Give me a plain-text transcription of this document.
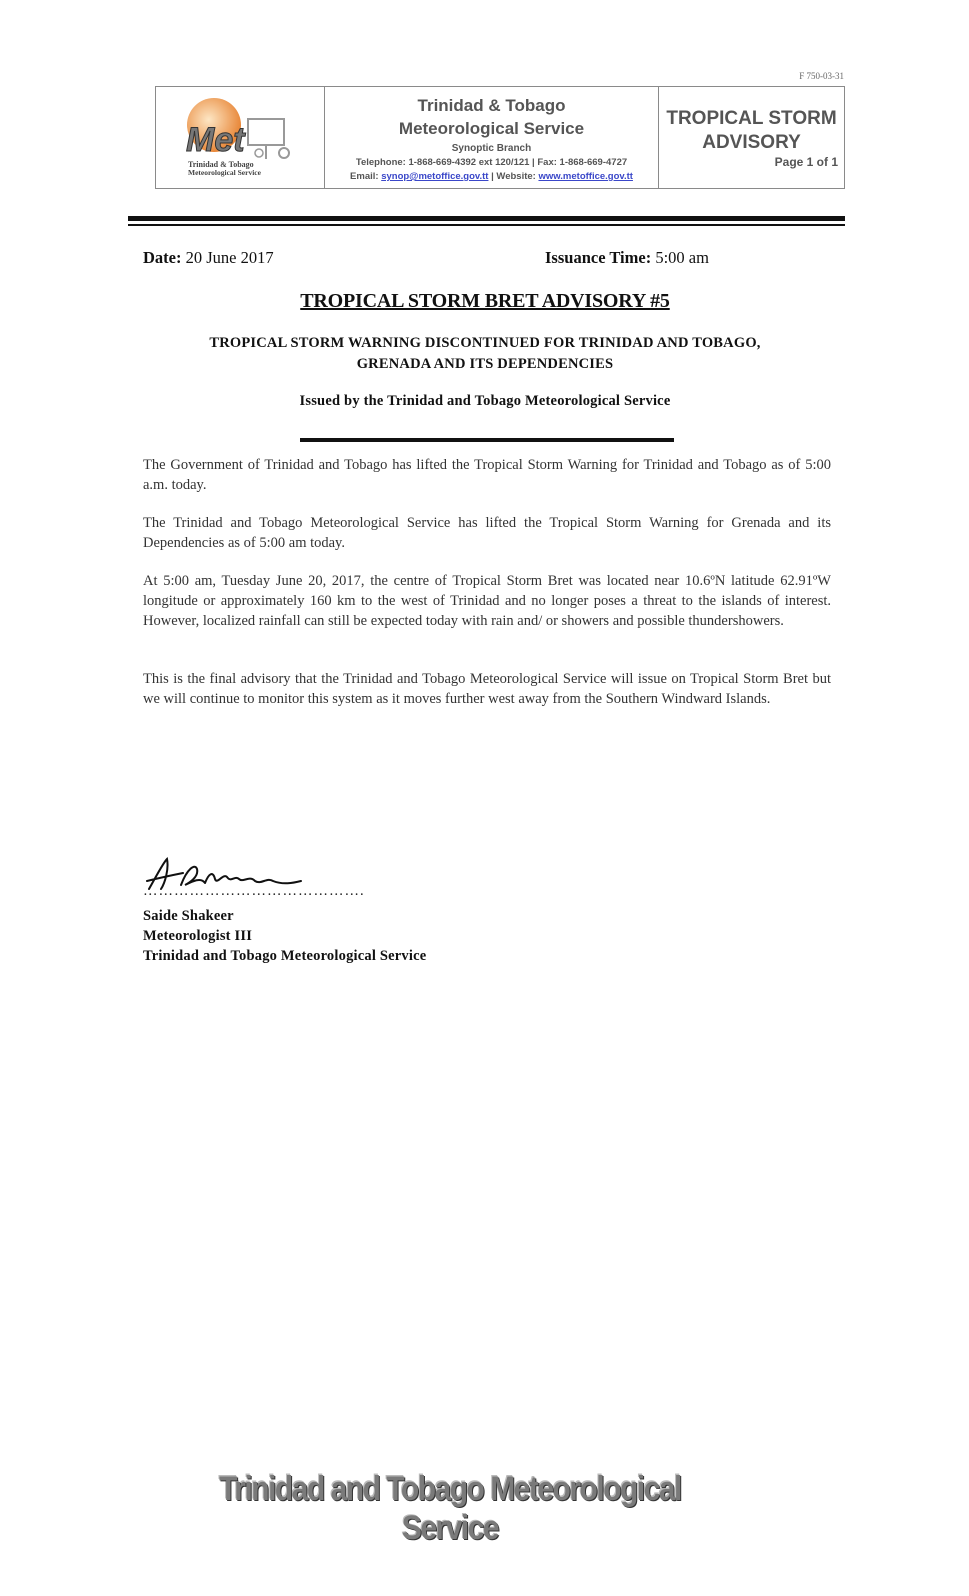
F 750-03-31
Met
Trinidad & Tobago
Meteorological Service
Trinidad & Tobago
Meteorological Service
Synoptic Branch
Telephone: 1-868-669-4392 ext 120/121 | Fax: 1-868-669-4727
Email: synop@metoffice.gov.tt | Website: www.metoffice.gov.tt
TROPICAL STORM
ADVISORY
Page 1 of 1
Date: 20 June 2017	Issuance Time: 5:00 am
TROPICAL STORM BRET ADVISORY #5
TROPICAL STORM WARNING DISCONTINUED FOR TRINIDAD AND TOBAGO,
GRENADA AND ITS DEPENDENCIES
Issued by the Trinidad and Tobago Meteorological Service
The Government of Trinidad and Tobago has lifted the Tropical Storm Warning for Trinidad and Tobago as of 5:00 a.m. today.
The Trinidad and Tobago Meteorological Service has lifted the Tropical Storm Warning for Grenada and its Dependencies as of 5:00 am today.
At 5:00 am, Tuesday June 20, 2017, the centre of Tropical Storm Bret was located near 10.6ºN latitude 62.91ºW longitude or approximately 160 km to the west of Trinidad and no longer poses a threat to the islands of interest. However, localized rainfall can still be expected today with rain and/ or showers and possible thundershowers.
This is the final advisory that the Trinidad and Tobago Meteorological Service will issue on Tropical Storm Bret but we will continue to monitor this system as it moves further west away from the Southern Windward Islands.
…………………………………….
Saide Shakeer
Meteorologist III
Trinidad and Tobago Meteorological Service
Trinidad and Tobago Meteorological Service
